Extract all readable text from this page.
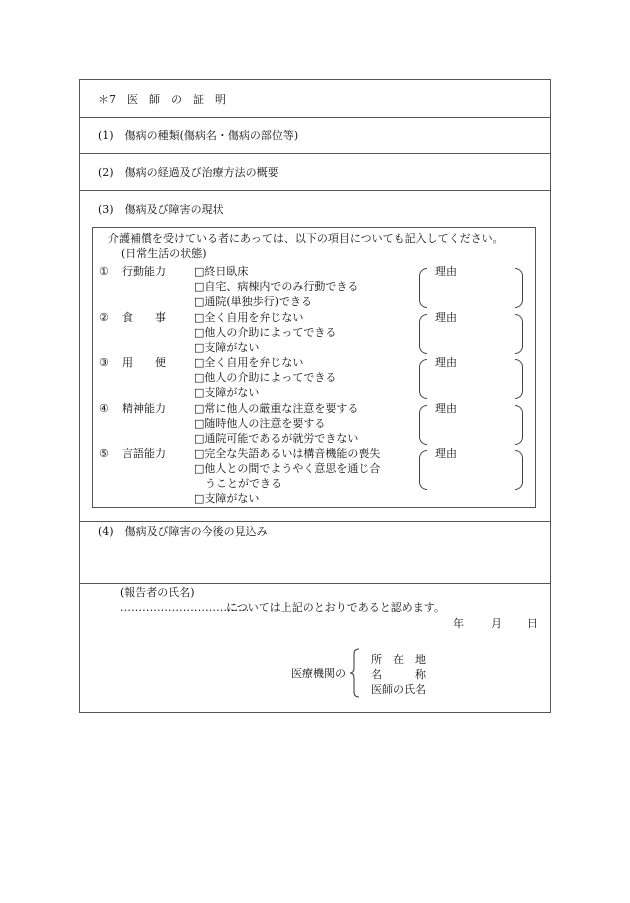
＊7　医　師　の　証　明
(1)　傷病の種類(傷病名・傷病の部位等)
(2)　傷病の経過及び治療方法の概要
(3)　傷病及び障害の現状
介護補償を受けている者にあっては、以下の項目についても記入してください。
(日常生活の状態)
① 行動能力	□終日臥床
□自宅、病棟内でのみ行動できる
□通院(単独歩行)できる
理由
② 食　　事	□全く自用を弁じない
□他人の介助によってできる
□支障がない
理由
③ 用　　便	□全く自用を弁じない
□他人の介助によってできる
□支障がない
理由
④ 精神能力	□常に他人の厳重な注意を要する
□随時他人の注意を要する
□通院可能であるが就労できない
理由
⑤ 言語能力	□完全な失語あるいは構音機能の喪失
□他人との間でようやく意思を通じ合
　うことができる
□支障がない
理由
(4)　傷病及び障害の今後の見込み
(報告者の氏名)
...................................
については上記のとおりであると認めます。
年 月 日
医療機関の
所　在　地
名　　　称
医師の氏名
